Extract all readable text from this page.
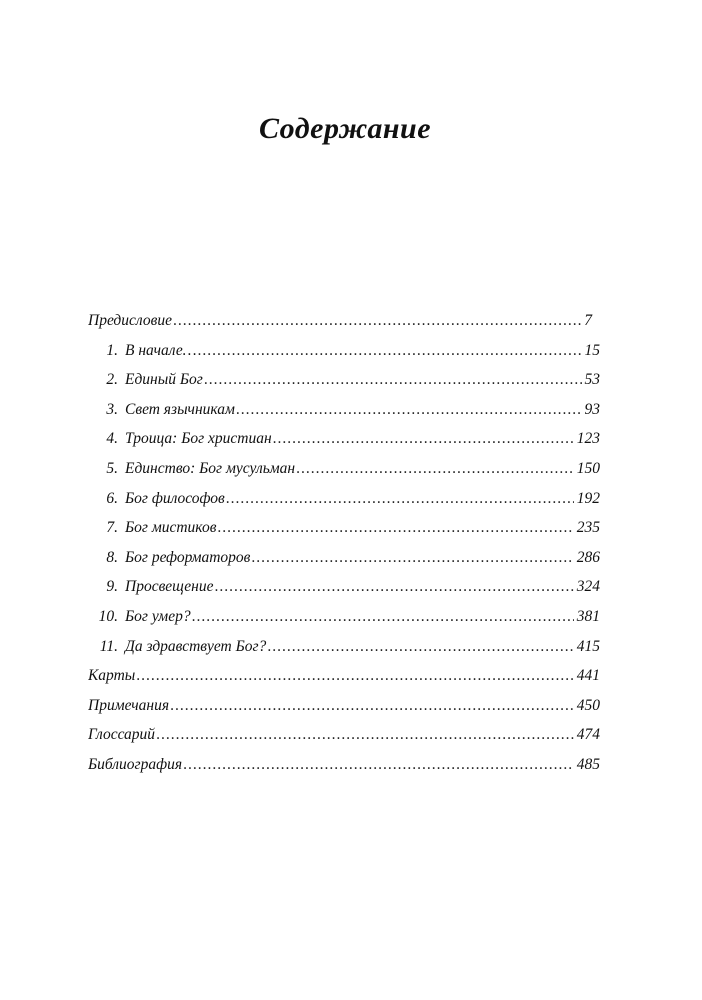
Содержание
Предисловие .....	7
1. В начале… .....	15
2. Единый Бог .....	53
3. Свет язычникам .....	93
4. Троица: Бог христиан .....	123
5. Единство: Бог мусульман .....	150
6. Бог философов .....	192
7. Бог мистиков .....	235
8. Бог реформаторов .....	286
9. Просвещение .....	324
10. Бог умер? .....	381
11. Да здравствует Бог? .....	415
Карты .....	441
Примечания .....	450
Глоссарий .....	474
Библиография .....	485
